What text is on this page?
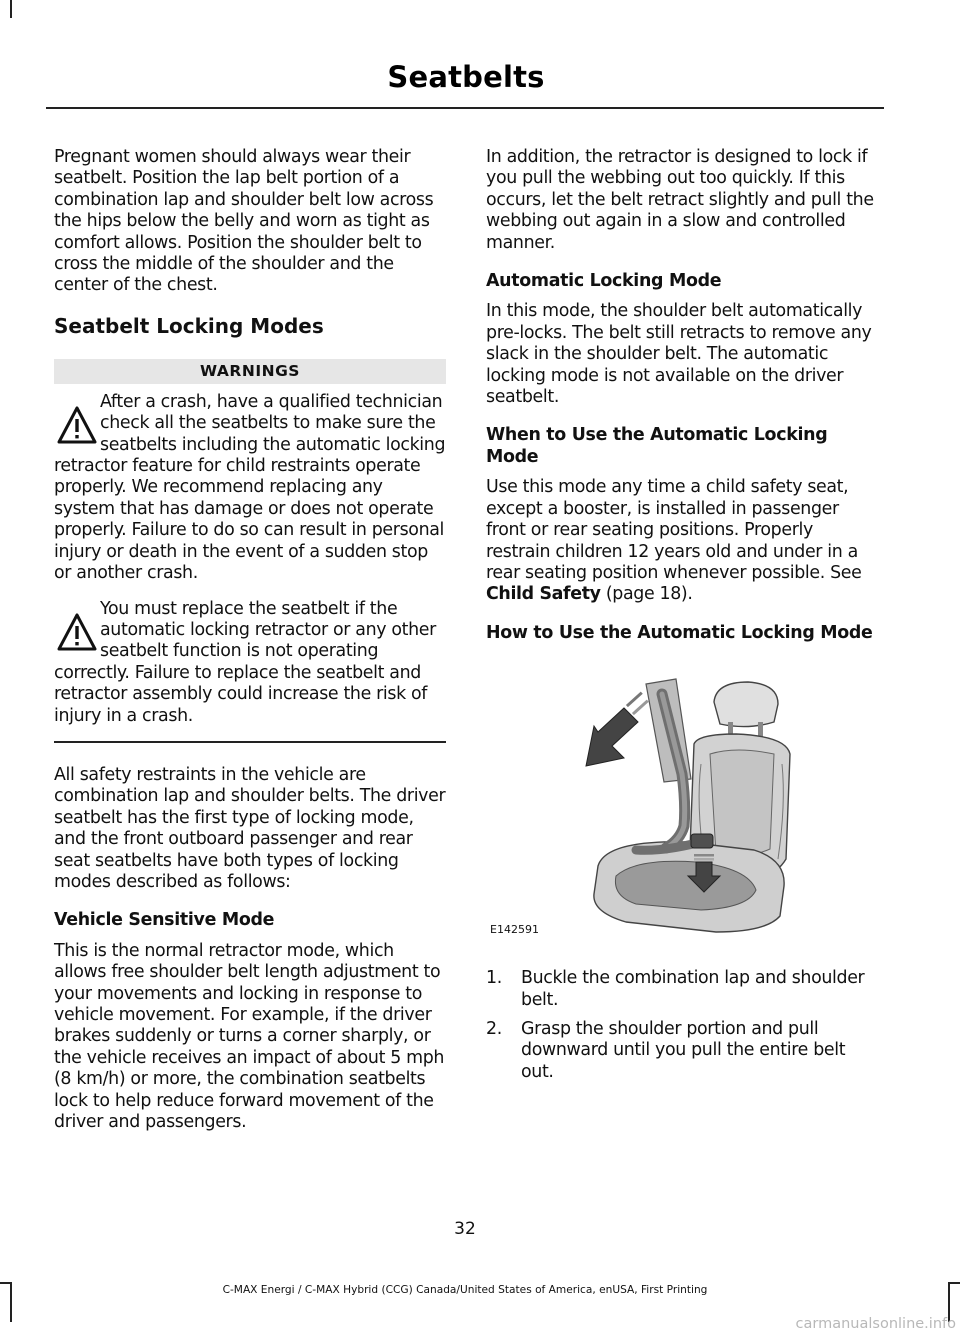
Seatbelts

Pregnant women should always wear their seatbelt. Position the lap belt portion of a combination lap and shoulder belt low across the hips below the belly and worn as tight as comfort allows. Position the shoulder belt to cross the middle of the shoulder and the center of the chest.

Seatbelt Locking Modes
WARNINGS
After a crash, have a qualified technician check all the seatbelts to make sure the seatbelts including the automatic locking retractor feature for child restraints operate properly. We recommend replacing any system that has damage or does not operate properly. Failure to do so can result in personal injury or death in the event of a sudden stop or another crash.
You must replace the seatbelt if the automatic locking retractor or any other seatbelt function is not operating correctly. Failure to replace the seatbelt and retractor assembly could increase the risk of injury in a crash.

All safety restraints in the vehicle are combination lap and shoulder belts. The driver seatbelt has the first type of locking mode, and the front outboard passenger and rear seat seatbelts have both types of locking modes described as follows:

Vehicle Sensitive Mode

This is the normal retractor mode, which allows free shoulder belt length adjustment to your movements and locking in response to vehicle movement. For example, if the driver brakes suddenly or turns a corner sharply, or the vehicle receives an impact of about 5 mph (8 km/h) or more, the combination seatbelts lock to help reduce forward movement of the driver and passengers.

In addition, the retractor is designed to lock if you pull the webbing out too quickly. If this occurs, let the belt retract slightly and pull the webbing out again in a slow and controlled manner.

Automatic Locking Mode

In this mode, the shoulder belt automatically pre-locks. The belt still retracts to remove any slack in the shoulder belt. The automatic locking mode is not available on the driver seatbelt.

When to Use the Automatic Locking Mode

Use this mode any time a child safety seat, except a booster, is installed in passenger front or rear seating positions. Properly restrain children 12 years old and under in a rear seating position whenever possible. See Child Safety (page 18).

How to Use the Automatic Locking Mode
E142591
1.	Buckle the combination lap and shoulder belt.
2.	Grasp the shoulder portion and pull downward until you pull the entire belt out.
32
C-MAX Energi / C-MAX Hybrid (CCG) Canada/United States of America, enUSA, First Printing
carmanualsonline.info
